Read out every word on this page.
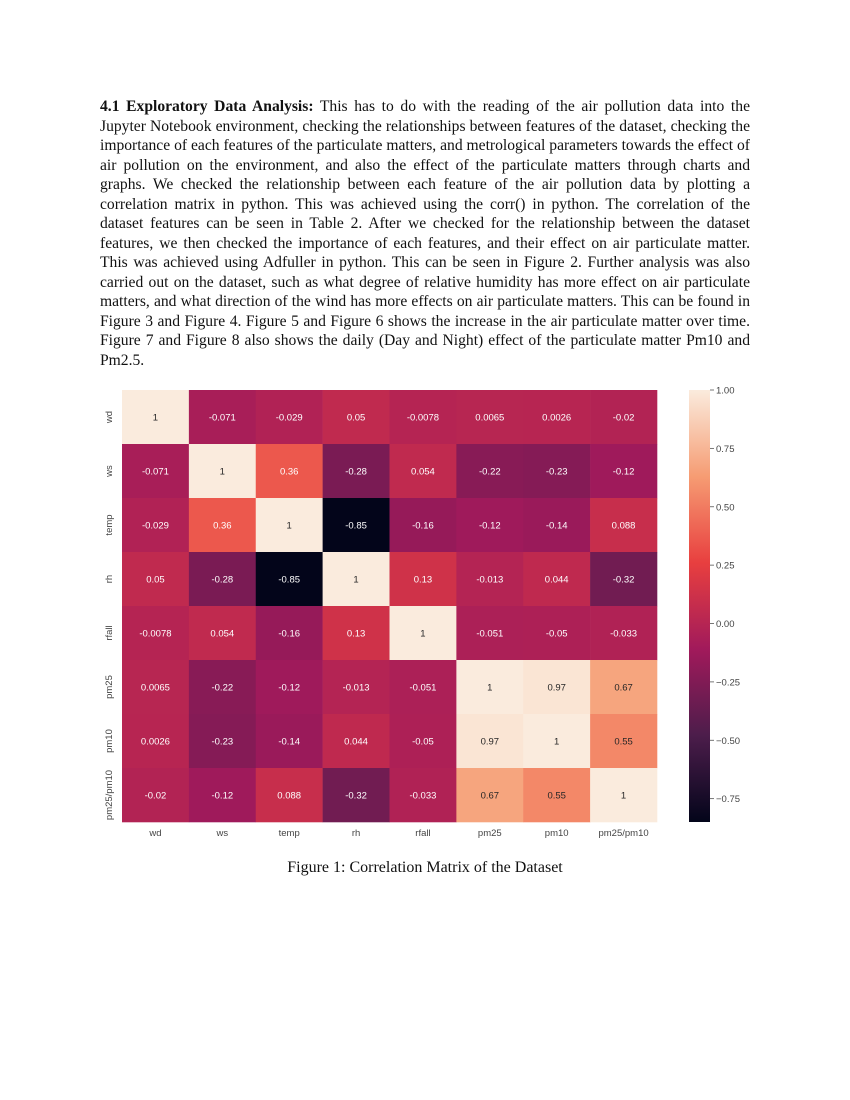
4.1 Exploratory Data Analysis: This has to do with the reading of the air pollution data into the Jupyter Notebook environment, checking the relationships between features of the dataset, checking the importance of each features of the particulate matters, and metrological parameters towards the effect of air pollution on the environment, and also the effect of the particulate matters through charts and graphs. We checked the relationship between each feature of the air pollution data by plotting a correlation matrix in python. This was achieved using the corr() in python. The correlation of the dataset features can be seen in Table 2. After we checked for the relationship between the dataset features, we then checked the importance of each features, and their effect on air particulate matter. This was achieved using Adfuller in python. This can be seen in Figure 2. Further analysis was also carried out on the dataset, such as what degree of relative humidity has more effect on air particulate matters, and what direction of the wind has more effects on air particulate matters. This can be found in Figure 3 and Figure 4. Figure 5 and Figure 6 shows the increase in the air particulate matter over time. Figure 7 and Figure 8 also shows the daily (Day and Night) effect of the particulate matter Pm10 and Pm2.5.

1	-0.071	-0.029	0.05	-0.0078	0.0065	0.0026	-0.02
-0.071	1	0.36	-0.28	0.054	-0.22	-0.23	-0.12
-0.029	0.36	1	-0.85	-0.16	-0.12	-0.14	0.088
0.05	-0.28	-0.85	1	0.13	-0.013	0.044	-0.32
-0.0078	0.054	-0.16	0.13	1	-0.051	-0.05	-0.033
0.0065	-0.22	-0.12	-0.013	-0.051	1	0.97	0.67
0.0026	-0.23	-0.14	0.044	-0.05	0.97	1	0.55
-0.02	-0.12	0.088	-0.32	-0.033	0.67	0.55	1
wd	ws	temp	rh	rfall	pm25	pm10	pm25/pm10
wd
ws
temp
rh
rfall
pm25
pm10
pm25/pm10
1.00
0.75
0.50
0.25
0.00
−0.25
−0.50
−0.75
Figure 1: Correlation Matrix of the Dataset
